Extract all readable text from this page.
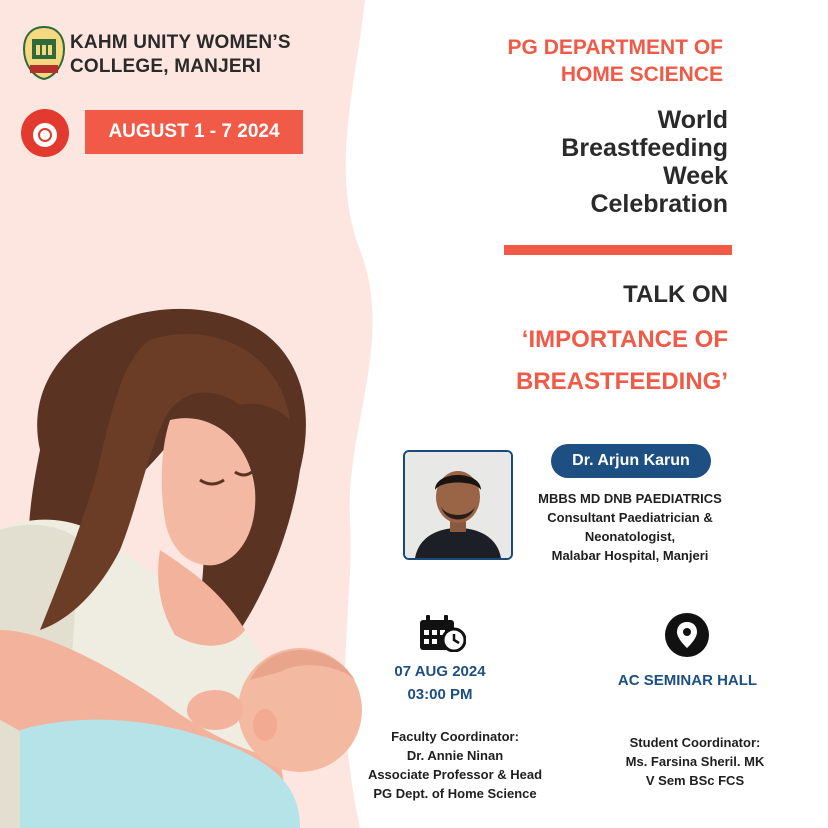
KAHM UNITY WOMEN’S
COLLEGE, MANJERI
AUGUST 1 - 7 2024
PG DEPARTMENT OF
HOME SCIENCE
World
Breastfeeding
Week
Celebration
TALK ON
‘IMPORTANCE OF
BREASTFEEDING’
Dr. Arjun Karun
MBBS MD DNB PAEDIATRICS
Consultant Paediatrician &
Neonatologist,
Malabar Hospital, Manjeri
07 AUG 2024
03:00 PM
AC SEMINAR HALL
Faculty Coordinator:
Dr. Annie Ninan
Associate Professor & Head
PG Dept. of Home Science
Student Coordinator:
Ms. Farsina Sheril. MK
V Sem BSc FCS
